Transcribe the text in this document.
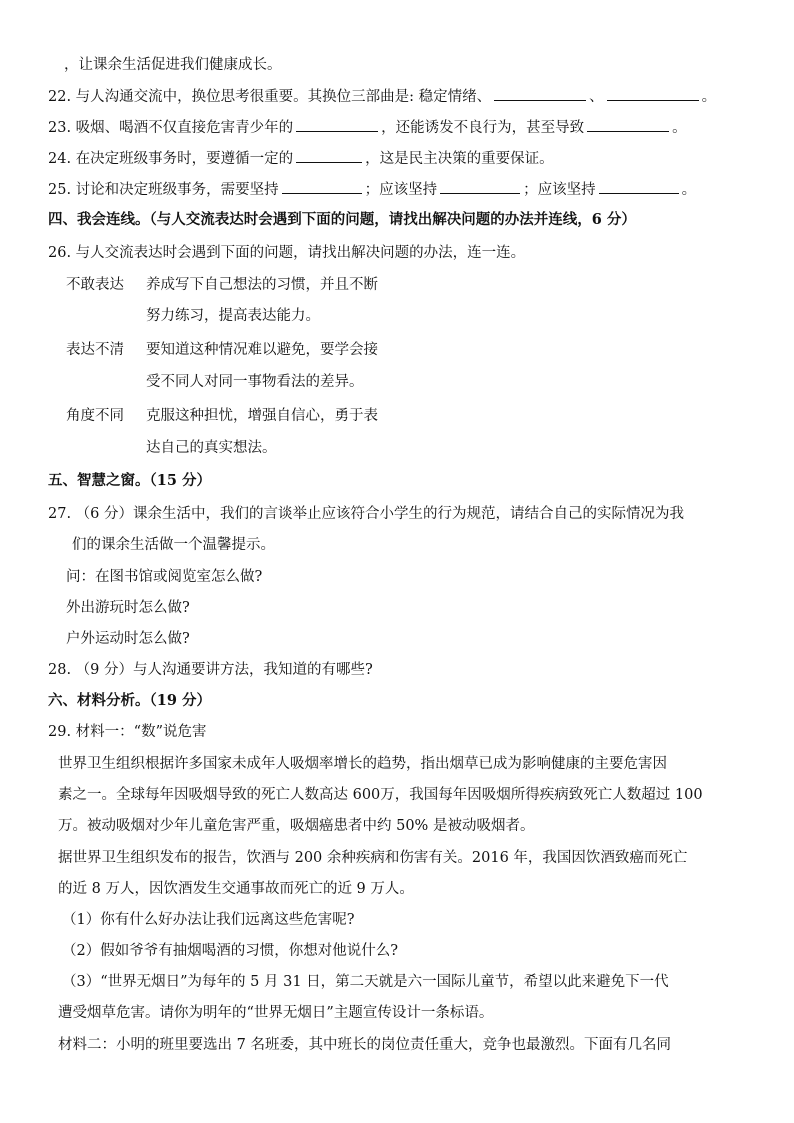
，让课余生活促进我们健康成长。
22. 与人沟通交流中，换位思考很重要。其换位三部曲是: 稳定情绪、	、	。
23. 吸烟、喝酒不仅直接危害青少年的	，还能诱发不良行为，甚至导致	。
24. 在决定班级事务时，要遵循一定的	，这是民主决策的重要保证。
25. 讨论和决定班级事务，需要坚持	；应该坚持	；应该坚持	。
四、我会连线。（与人交流表达时会遇到下面的问题，请找出解决问题的办法并连线，6 分）
26. 与人交流表达时会遇到下面的问题，请找出解决问题的办法，连一连。
不敢表达 养成写下自己想法的习惯，并且不断
努力练习，提高表达能力。
表达不清 要知道这种情况难以避免，要学会接
受不同人对同一事物看法的差异。
角度不同 克服这种担忧，增强自信心，勇于表
达自己的真实想法。
五、智慧之窗。（15 分）
27. （6 分）课余生活中，我们的言谈举止应该符合小学生的行为规范，请结合自己的实际情况为我
们的课余生活做一个温馨提示。
问：在图书馆或阅览室怎么做?
外出游玩时怎么做?
户外运动时怎么做?
28. （9 分）与人沟通要讲方法，我知道的有哪些?
六、材料分析。（19 分）
29. 材料一：“数”说危害
世界卫生组织根据许多国家未成年人吸烟率增长的趋势，指出烟草已成为影响健康的主要危害因
素之一。全球每年因吸烟导致的死亡人数高达 600万，我国每年因吸烟所得疾病致死亡人数超过 100
万。被动吸烟对少年儿童危害严重，吸烟癌患者中约 50% 是被动吸烟者。
据世界卫生组织发布的报告，饮酒与 200 余种疾病和伤害有关。2016 年，我国因饮酒致癌而死亡
的近 8 万人，因饮酒发生交通事故而死亡的近 9 万人。
（1）你有什么好办法让我们远离这些危害呢?
（2）假如爷爷有抽烟喝酒的习惯，你想对他说什么?
（3）“世界无烟日”为每年的 5 月 31 日，第二天就是六一国际儿童节，希望以此来避免下一代
遭受烟草危害。请你为明年的“世界无烟日”主题宣传设计一条标语。
材料二：小明的班里要选出 7 名班委，其中班长的岗位责任重大，竞争也最激烈。下面有几名同
